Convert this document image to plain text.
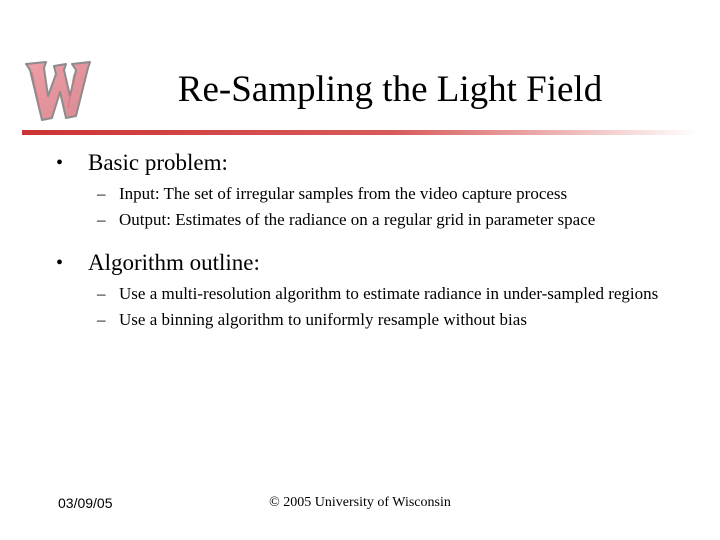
Re-Sampling the Light Field
• Basic problem:
– Input: The set of irregular samples from the video capture process
– Output: Estimates of the radiance on a regular grid in parameter space
• Algorithm outline:
– Use a multi-resolution algorithm to estimate radiance in under-sampled regions
– Use a binning algorithm to uniformly resample without bias
03/09/05	© 2005 University of Wisconsin
